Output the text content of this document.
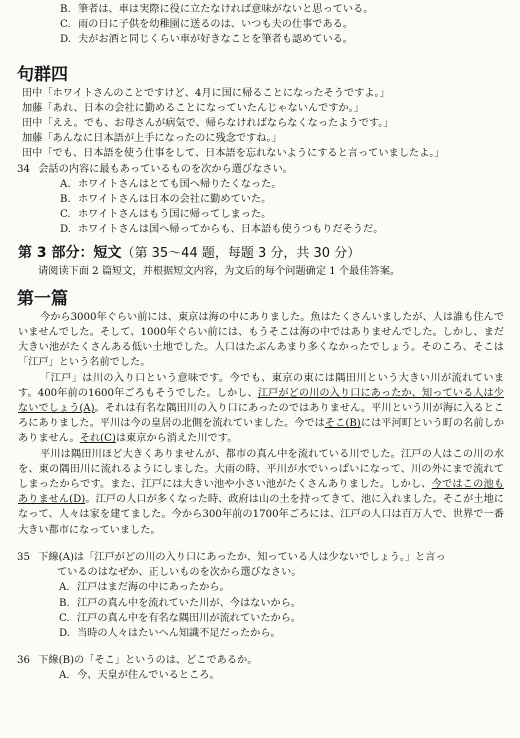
B. 筆者は、車は実際に役に立たなければ意味がないと思っている。
C. 雨の日に子供を幼稚園に送るのは、いつも夫の仕事である。
D. 夫がお酒と同じくらい車が好きなことを筆者も認めている。
句群四
田中「ホワイトさんのことですけど、4月に国に帰ることになったそうですよ。」
加藤「あれ、日本の会社に勤めることになっていたんじゃないんですか。」
田中「ええ。でも、お母さんが病気で、帰らなければならなくなったようです。」
加藤「あんなに日本語が上手になったのに残念ですね。」
田中「でも、日本語を使う仕事をして、日本語を忘れないようにすると言っていましたよ。」
34 会話の内容に最もあっているものを次から選びなさい。
A. ホワイトさんはとても国へ帰りたくなった。
B. ホワイトさんは日本の会社に勤めていた。
C. ホワイトさんはもう国に帰ってしまった。
D. ホワイトさんは国へ帰ってからも、日本語も使うつもりだそうだ。
第 3 部分：短文（第 35～44 题，每题 3 分，共 30 分）
请阅读下面 2 篇短文，并根据短文内容，为文后的每个问题确定 1 个最佳答案。
第一篇
今から3000年ぐらい前には、東京は海の中にありました。魚はたくさんいましたが、人は誰も住んでいませんでした。そして、1000年ぐらい前には、もうそこは海の中ではありませんでした。しかし、まだ大きい池がたくさんある低い土地でした。人口はたぶんあまり多くなかったでしょう。そのころ、そこは「江戸」という名前でした。
「江戸」は川の入り口という意味です。今でも、東京の東には隅田川という大きい川が流れています。400年前の1600年ごろもそうでした。しかし、江戸がどの川の入り口にあったか、知っている人は少ないでしょう(A)。それは有名な隅田川の入り口にあったのではありません。平川という川が海に入るところにありました。平川は今の皇居の北側を流れていました。今ではそこ(B)には平河町という町の名前しかありません。それ(C)は東京から消えた川です。
平川は隅田川ほど大きくありませんが、都市の真ん中を流れている川でした。江戸の人はこの川の水を、東の隅田川に流れるようにしました。大雨の時、平川が水でいっぱいになって、川の外にまで流れてしまったからです。また、江戸には大きい池や小さい池がたくさんありました。しかし、今ではこの池もありません(D)。江戸の人口が多くなった時、政府は山の土を持ってきて、池に入れました。そこが土地になって、人々は家を建てました。今から300年前の1700年ごろには、江戸の人口は百万人で、世界で一番大きい都市になっていました。
35 下線(A)は「江戸がどの川の入り口にあったか、知っている人は少ないでしょう。」と言っ
ているのはなぜか、正しいものを次から選びなさい。
A. 江戸はまだ海の中にあったから。
B. 江戸の真ん中を流れていた川が、今はないから。
C. 江戸の真ん中を有名な隅田川が流れていたから。
D. 当時の人々はたいへん知識不足だったから。
36 下線(B)の「そこ」というのは、どこであるか。
A. 今、天皇が住んでいるところ。
